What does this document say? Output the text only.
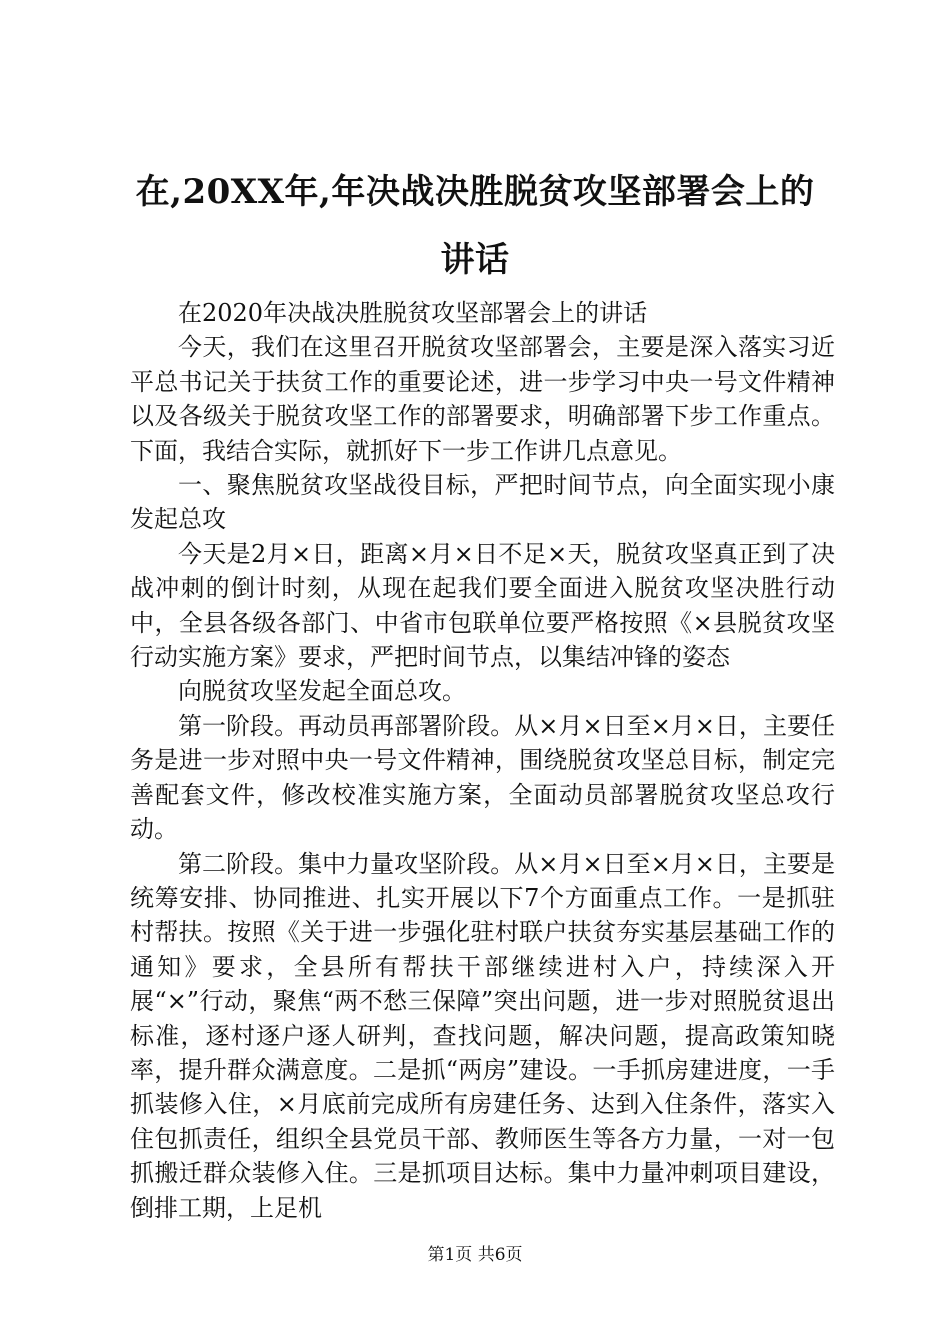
在,20XX年,年决战决胜脱贫攻坚部署会上的
讲话

在2020年决战决胜脱贫攻坚部署会上的讲话

今天，我们在这里召开脱贫攻坚部署会，主要是深入落实习近平总书记关于扶贫工作的重要论述，进一步学习中央一号文件精神以及各级关于脱贫攻坚工作的部署要求，明确部署下步工作重点。下面，我结合实际，就抓好下一步工作讲几点意见。

一、聚焦脱贫攻坚战役目标，严把时间节点，向全面实现小康发起总攻

今天是2月×日，距离×月×日不足×天，脱贫攻坚真正到了决战冲刺的倒计时刻，从现在起我们要全面进入脱贫攻坚决胜行动中，全县各级各部门、中省市包联单位要严格按照《×县脱贫攻坚行动实施方案》要求，严把时间节点，以集结冲锋的姿态

向脱贫攻坚发起全面总攻。

第一阶段。再动员再部署阶段。从×月×日至×月×日，主要任务是进一步对照中央一号文件精神，围绕脱贫攻坚总目标，制定完善配套文件，修改校准实施方案，全面动员部署脱贫攻坚总攻行动。

第二阶段。集中力量攻坚阶段。从×月×日至×月×日，主要是统筹安排、协同推进、扎实开展以下7个方面重点工作。一是抓驻村帮扶。按照《关于进一步强化驻村联户扶贫夯实基层基础工作的通知》要求，全县所有帮扶干部继续进村入户，持续深入开展“×”行动，聚焦“两不愁三保障”突出问题，进一步对照脱贫退出标准，逐村逐户逐人研判，查找问题，解决问题，提高政策知晓率，提升群众满意度。二是抓“两房”建设。一手抓房建进度，一手抓装修入住，×月底前完成所有房建任务、达到入住条件，落实入住包抓责任，组织全县党员干部、教师医生等各方力量，一对一包抓搬迁群众装修入住。三是抓项目达标。集中力量冲刺项目建设，倒排工期，上足机

第1页 共6页
